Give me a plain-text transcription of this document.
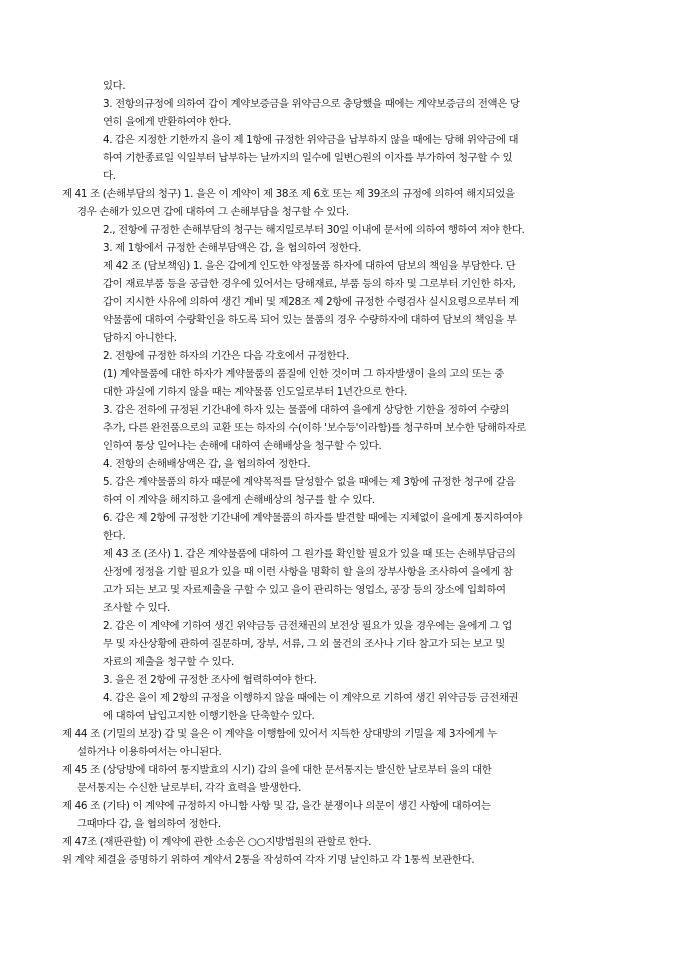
있다.
3. 전항의규정에 의하여 갑이 계약보증금을 위약금으로 충당했을 때에는 계약보증금의 전액은 당
연히 을에게 반환하여야 한다.
4. 갑은 지정한 기한까지 을이 제 1항에 규정한 위약금을 납부하지 않을 때에는 당해 위약금에 대
하여 기한종료일 익일부터 납부하는 날까지의 일수에 일변○원의 이자를 부가하여 청구할 수 있
다.
제 41 조 (손해부담의 청구) 1. 을은 이 계약이 제 38조 제 6호 또는 제 39조의 규정에 의하여 해지되었을
경우 손해가 있으면 갑에 대하여 그 손해부담을 청구할 수 있다.
2., 전항에 규정한 손해부담의 청구는 해지일로부터 30일 이내에 문서에 의하여 행하여 져야 한다.
3. 제 1항에서 규정한 손해부담액은 갑, 을 협의하여 정한다.
제 42 조 (담보책임) 1. 을은 갑에게 인도한 약정물품 하자에 대하여 담보의 책임을 부담한다. 단
갑이 재료부품 등을 공급한 경우에 있어서는 당해재료, 부품 등의 하자 및 그로부터 기인한 하자,
갑이 지시한 사유에 의하여 생긴 계비 및 제28조 제 2항에 규정한 수령검사 실시요령으로부터 계
약물품에 대하여 수량확인을 하도록 되어 있는 물품의 경우 수량하자에 대하여 담보의 책임을 부
담하지 아니한다.
2. 전항에 규정한 하자의 기간은 다음 각호에서 규정한다.
(1) 계약물품에 대한 하자가 계약물품의 품질에 인한 것이며 그 하자발생이 을의 고의 또는 중
대한 과실에 기하지 않을 때는 계약물품 인도일로부터 1년간으로 한다.
3. 갑은 전하에 규정된 기간내에 하자 있는 물품에 대하여 을에게 상당한 기한을 정하여 수량의
추가, 다른 완전품으로의 교환 또는 하자의 수(이하 '보수등'이라함)를 청구하며 보수한 당해하자로
인하여 통상 일어나는 손해에 대하여 손해배상을 청구할 수 있다.
4. 전항의 손해배상액은 갑, 을 협의하여 정한다.
5. 갑은 계약물품의 하자 때문에 계약목적를 달성할수 없을 때에는 제 3항에 규정한 청구에 갈음
하여 이 계약을 해지하고 을에게 손해배상의 청구를 할 수 있다.
6. 갑은 제 2항에 규정한 기간내에 계약물품의 하자를 발견할 때에는 지체없이 을에게 통지하여야
한다.
제 43 조 (조사) 1. 갑은 계약물품에 대하여 그 원가를 확인할 필요가 있을 때 또는 손해부담금의
산정에 정정을 기할 필요가 있을 때 이런 사항을 명확히 할 을의 장부사항을 조사하여 을에게 참
고가 되는 보고 및 자료제출을 구할 수 있고 을이 관리하는 영업소, 공장 등의 장소에 입회하여
조사할 수 있다.
2. 갑은 이 계약에 기하여 생긴 위약금등 금전채권의 보전상 필요가 있을 경우에는 을에게 그 업
무 및 자산상황에 관하여 질문하며, 장부, 서류, 그 외 물건의 조사나 기타 참고가 되는 보고 및
자료의 제출을 청구할 수 있다.
3. 을은 전 2항에 규정한 조사에 협력하여야 한다.
4. 갑은 을이 제 2항의 규정을 이행하지 않을 때에는 이 계약으로 기하여 생긴 위약금등 금전채권
에 대하여 납입고지한 이행기한을 단축할수 있다.
제 44 조 (기밀의 보장) 갑 및 을은 이 계약을 이행함에 있어서 지득한 상대방의 기밀을 제 3자에게 누
설하거나 이용하여서는 아니된다.
제 45 조 (상당방에 대하여 통지발효의 시기) 갑의 을에 대한 문서통지는 발신한 날로부터 을의 대한
문서통지는 수신한 날로부터, 각각 효력을 발생한다.
제 46 조 (기타) 이 계약에 규정하지 아니함 사항 및 갑, 을간 분쟁이나 의문이 생긴 사항에 대하여는
그때마다 갑, 을 협의하여 정한다.
제 47조 (재판관할) 이 계약에 관한 소송은 ○○지방법원의 관할로 한다.
위 계약 체결을 증명하기 위하여 계약서 2통을 작성하여 각자 기명 날인하고 각 1통씩 보관한다.
